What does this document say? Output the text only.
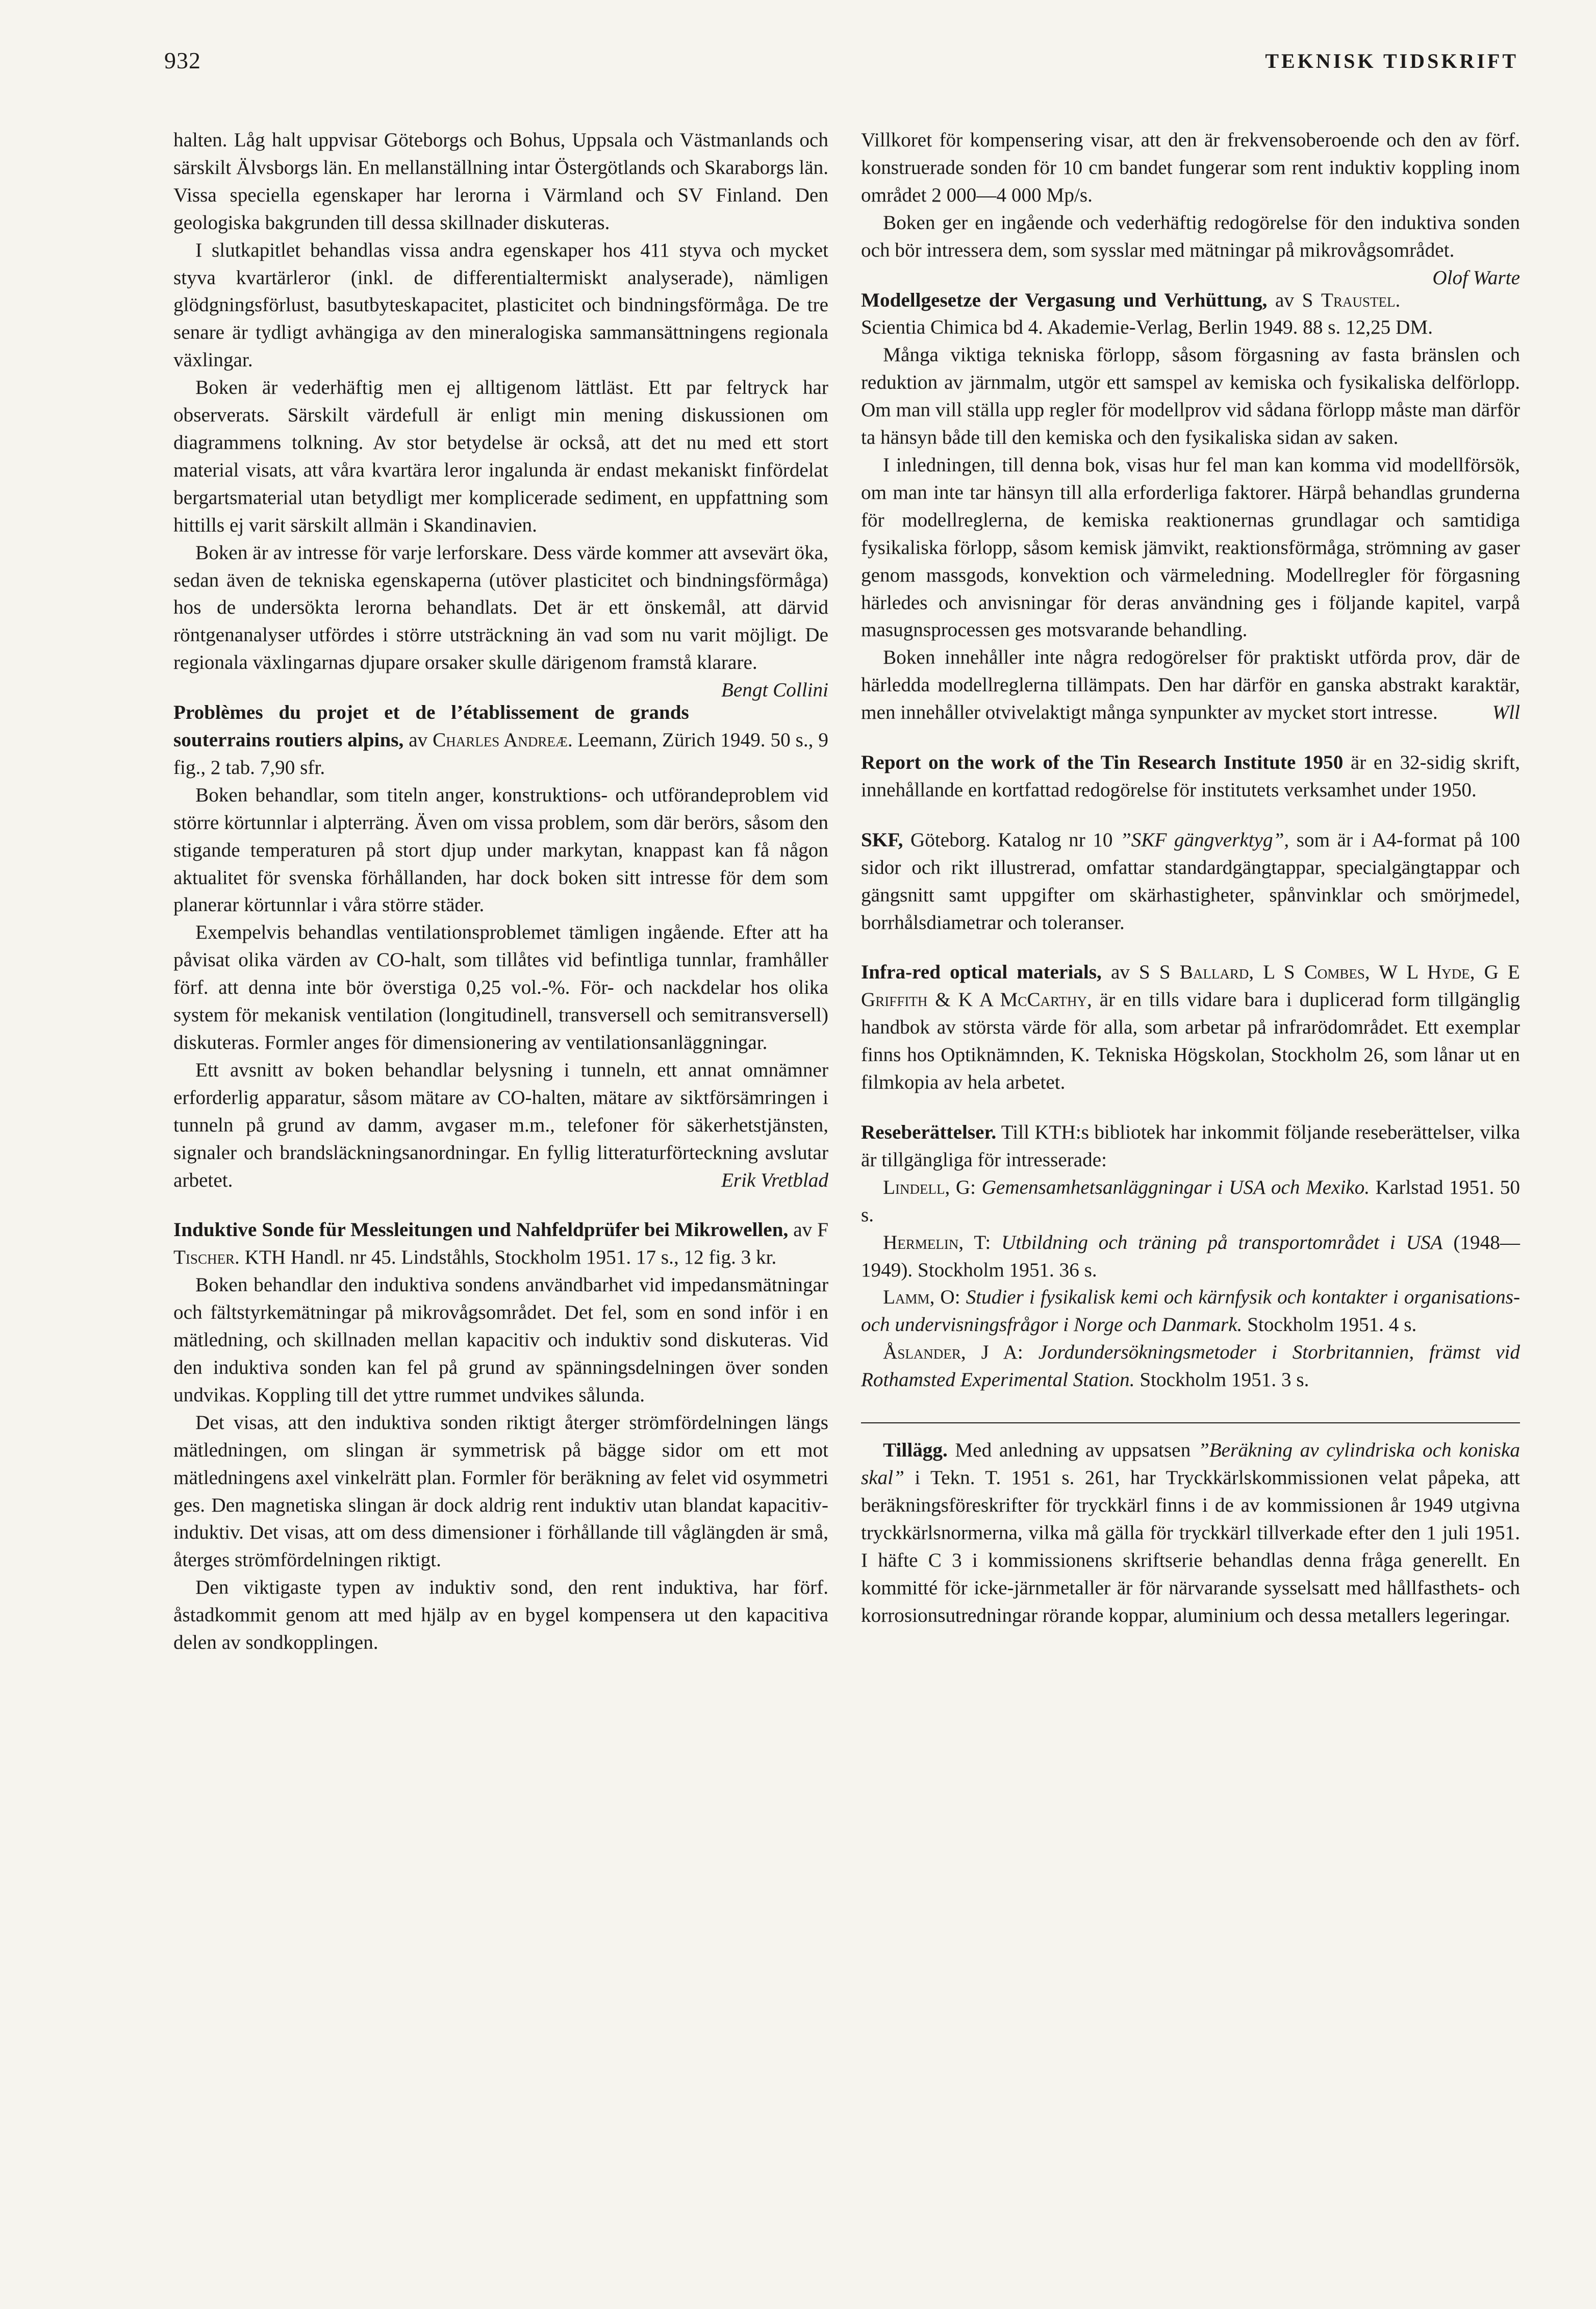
932	TEKNISK TIDSKRIFT

halten. Låg halt uppvisar Göteborgs och Bohus, Uppsala och Västmanlands och särskilt Älvsborgs län. En mellanställning intar Östergötlands och Skaraborgs län. Vissa speciella egenskaper har lerorna i Värmland och SV Finland. Den geologiska bakgrunden till dessa skillnader diskuteras.

I slutkapitlet behandlas vissa andra egenskaper hos 411 styva och mycket styva kvartärleror (inkl. de differentialtermiskt analyserade), nämligen glödgningsförlust, basutbyteskapacitet, plasticitet och bindningsförmåga. De tre senare är tydligt avhängiga av den mineralogiska sammansättningens regionala växlingar.

Boken är vederhäftig men ej alltigenom lättläst. Ett par feltryck har observerats. Särskilt värdefull är enligt min mening diskussionen om diagrammens tolkning. Av stor betydelse är också, att det nu med ett stort material visats, att våra kvartära leror ingalunda är endast mekaniskt finfördelat bergartsmaterial utan betydligt mer komplicerade sediment, en uppfattning som hittills ej varit särskilt allmän i Skandinavien.

Boken är av intresse för varje lerforskare. Dess värde kommer att avsevärt öka, sedan även de tekniska egenskaperna (utöver plasticitet och bindningsförmåga) hos de undersökta lerorna behandlats. Det är ett önskemål, att därvid röntgenanalyser utfördes i större utsträckning än vad som nu varit möjligt. De regionala växlingarnas djupare orsaker skulle därigenom framstå klarare.
Bengt Collini

Problèmes du projet et de l’établissement de grands souterrains routiers alpins, av Charles Andreæ. Leemann, Zürich 1949. 50 s., 9 fig., 2 tab. 7,90 sfr.

Boken behandlar, som titeln anger, konstruktions- och utförandeproblem vid större körtunnlar i alpterräng. Även om vissa problem, som där berörs, såsom den stigande temperaturen på stort djup under markytan, knappast kan få någon aktualitet för svenska förhållanden, har dock boken sitt intresse för dem som planerar körtunnlar i våra större städer.

Exempelvis behandlas ventilationsproblemet tämligen ingående. Efter att ha påvisat olika värden av CO-halt, som tillåtes vid befintliga tunnlar, framhåller förf. att denna inte bör överstiga 0,25 vol.-%. För- och nackdelar hos olika system för mekanisk ventilation (longitudinell, transversell och semitransversell) diskuteras. Formler anges för dimensionering av ventilationsanläggningar.

Ett avsnitt av boken behandlar belysning i tunneln, ett annat omnämner erforderlig apparatur, såsom mätare av CO-halten, mätare av siktförsämringen i tunneln på grund av damm, avgaser m.m., telefoner för säkerhetstjänsten, signaler och brandsläckningsanordningar. En fyllig litteraturförteckning avslutar arbetet.	Erik Vretblad

Induktive Sonde für Messleitungen und Nahfeldprüfer bei Mikrowellen, av F Tischer. KTH Handl. nr 45. Lindståhls, Stockholm 1951. 17 s., 12 fig. 3 kr.

Boken behandlar den induktiva sondens användbarhet vid impedansmätningar och fältstyrkemätningar på mikrovågsområdet. Det fel, som en sond inför i en mätledning, och skillnaden mellan kapacitiv och induktiv sond diskuteras. Vid den induktiva sonden kan fel på grund av spänningsdelningen över sonden undvikas. Koppling till det yttre rummet undvikes sålunda.

Det visas, att den induktiva sonden riktigt återger strömfördelningen längs mätledningen, om slingan är symmetrisk på bägge sidor om ett mot mätledningens axel vinkelrätt plan. Formler för beräkning av felet vid osymmetri ges. Den magnetiska slingan är dock aldrig rent induktiv utan blandat kapacitiv-induktiv. Det visas, att om dess dimensioner i förhållande till våglängden är små, återges strömfördelningen riktigt.

Den viktigaste typen av induktiv sond, den rent induktiva, har förf. åstadkommit genom att med hjälp av en bygel kompensera ut den kapacitiva delen av sondkopplingen.

Villkoret för kompensering visar, att den är frekvensoberoende och den av förf. konstruerade sonden för 10 cm bandet fungerar som rent induktiv koppling inom området 2 000—4 000 Mp/s.

Boken ger en ingående och vederhäftig redogörelse för den induktiva sonden och bör intressera dem, som sysslar med mätningar på mikrovågsområdet.
Olof Warte

Modellgesetze der Vergasung und Verhüttung, av S Traustel. Scientia Chimica bd 4. Akademie-Verlag, Berlin 1949. 88 s. 12,25 DM.

Många viktiga tekniska förlopp, såsom förgasning av fasta bränslen och reduktion av järnmalm, utgör ett samspel av kemiska och fysikaliska delförlopp. Om man vill ställa upp regler för modellprov vid sådana förlopp måste man därför ta hänsyn både till den kemiska och den fysikaliska sidan av saken.

I inledningen, till denna bok, visas hur fel man kan komma vid modellförsök, om man inte tar hänsyn till alla erforderliga faktorer. Härpå behandlas grunderna för modellreglerna, de kemiska reaktionernas grundlagar och samtidiga fysikaliska förlopp, såsom kemisk jämvikt, reaktionsförmåga, strömning av gaser genom massgods, konvektion och värmeledning. Modellregler för förgasning härledes och anvisningar för deras användning ges i följande kapitel, varpå masugnsprocessen ges motsvarande behandling.

Boken innehåller inte några redogörelser för praktiskt utförda prov, där de härledda modellreglerna tillämpats. Den har därför en ganska abstrakt karaktär, men innehåller otvivelaktigt många synpunkter av mycket stort intresse.	Wll

Report on the work of the Tin Research Institute 1950 är en 32-sidig skrift, innehållande en kortfattad redogörelse för institutets verksamhet under 1950.

SKF, Göteborg. Katalog nr 10 ”SKF gängverktyg”, som är i A4-format på 100 sidor och rikt illustrerad, omfattar standardgängtappar, specialgängtappar och gängsnitt samt uppgifter om skärhastigheter, spånvinklar och smörjmedel, borrhålsdiametrar och toleranser.

Infra-red optical materials, av S S Ballard, L S Combes, W L Hyde, G E Griffith & K A McCarthy, är en tills vidare bara i duplicerad form tillgänglig handbok av största värde för alla, som arbetar på infrarödområdet. Ett exemplar finns hos Optiknämnden, K. Tekniska Högskolan, Stockholm 26, som lånar ut en filmkopia av hela arbetet.

Reseberättelser. Till KTH:s bibliotek har inkommit följande reseberättelser, vilka är tillgängliga för intresserade:

Lindell, G: Gemensamhetsanläggningar i USA och Mexiko. Karlstad 1951. 50 s.

Hermelin, T: Utbildning och träning på transportområdet i USA (1948—1949). Stockholm 1951. 36 s.

Lamm, O: Studier i fysikalisk kemi och kärnfysik och kontakter i organisations- och undervisningsfrågor i Norge och Danmark. Stockholm 1951. 4 s.

Åslander, J A: Jordundersökningsmetoder i Storbritannien, främst vid Rothamsted Experimental Station. Stockholm 1951. 3 s.

Tillägg. Med anledning av uppsatsen ”Beräkning av cylindriska och koniska skal” i Tekn. T. 1951 s. 261, har Tryckkärlskommissionen velat påpeka, att beräkningsföreskrifter för tryckkärl finns i de av kommissionen år 1949 utgivna tryckkärlsnormerna, vilka må gälla för tryckkärl tillverkade efter den 1 juli 1951. I häfte C 3 i kommissionens skriftserie behandlas denna fråga generellt. En kommitté för icke-järnmetaller är för närvarande sysselsatt med hållfasthets- och korrosionsutredningar rörande koppar, aluminium och dessa metallers legeringar.
